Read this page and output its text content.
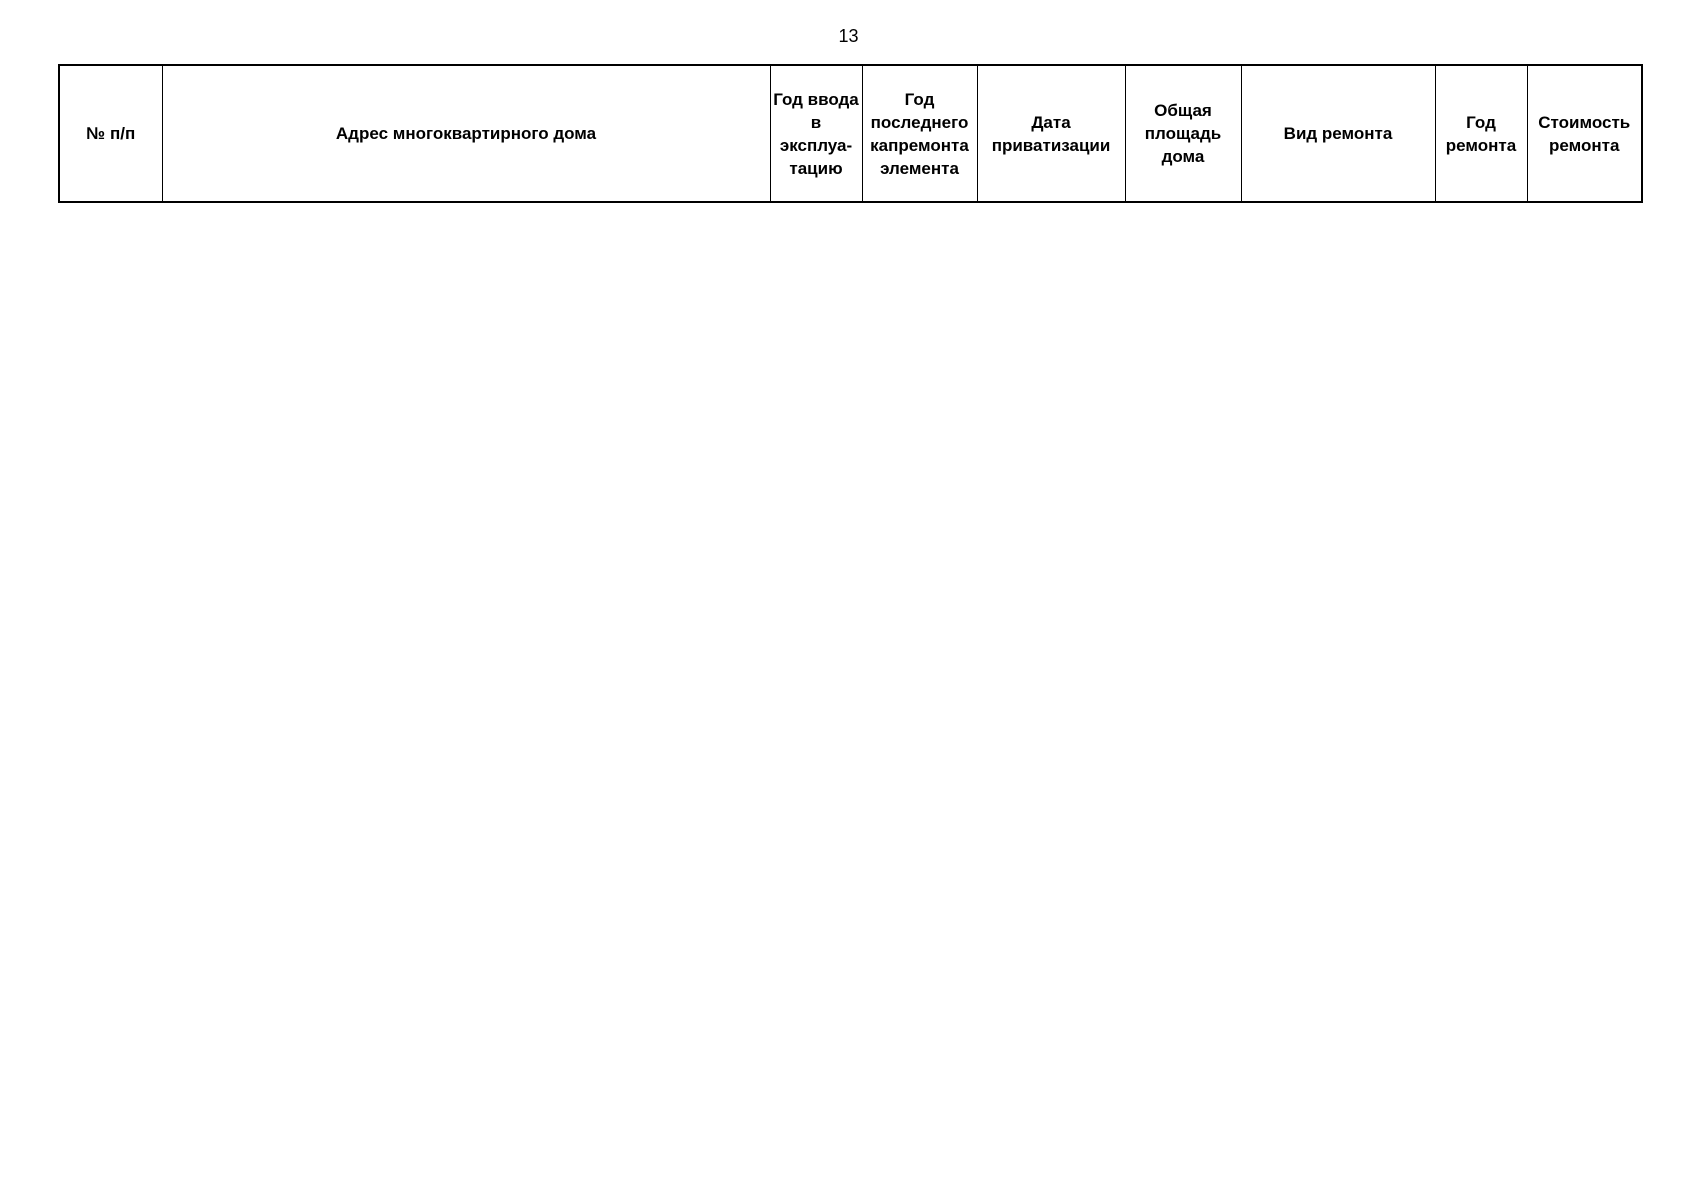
13
№ п/п	Адрес многоквартирного дома	Год ввода в эксплуа-тацию	Год последнего капремонта элемента	Дата приватизации	Общая площадь дома	Вид ремонта	Год ремонта	Стоимость ремонта
